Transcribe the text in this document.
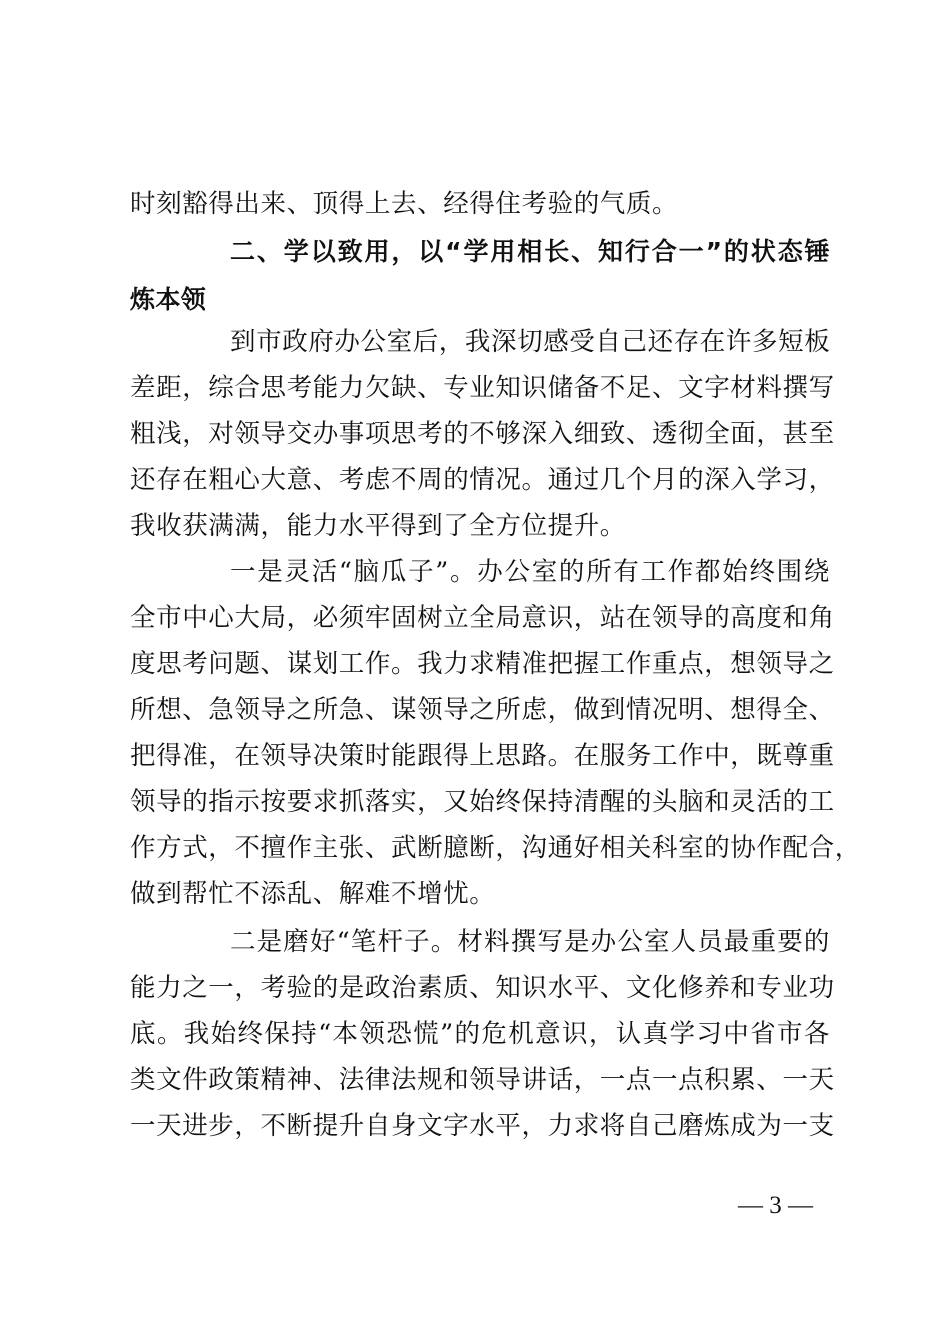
时刻豁得出来、顶得上去、经得住考验的气质。
二、学以致用，以“学用相长、知行合一”的状态锤
炼本领
到市政府办公室后，我深切感受自己还存在许多短板
差距，综合思考能力欠缺、专业知识储备不足、文字材料撰写
粗浅，对领导交办事项思考的不够深入细致、透彻全面，甚至
还存在粗心大意、考虑不周的情况。通过几个月的深入学习，
我收获满满，能力水平得到了全方位提升。
一是灵活“脑瓜子”。办公室的所有工作都始终围绕
全市中心大局，必须牢固树立全局意识，站在领导的高度和角
度思考问题、谋划工作。我力求精准把握工作重点，想领导之
所想、急领导之所急、谋领导之所虑，做到情况明、想得全、
把得准，在领导决策时能跟得上思路。在服务工作中，既尊重
领导的指示按要求抓落实，又始终保持清醒的头脑和灵活的工
作方式，不擅作主张、武断臆断，沟通好相关科室的协作配合，
做到帮忙不添乱、解难不增忧。
二是磨好“笔杆子。材料撰写是办公室人员最重要的
能力之一，考验的是政治素质、知识水平、文化修养和专业功
底。我始终保持“本领恐慌”的危机意识，认真学习中省市各
类文件政策精神、法律法规和领导讲话，一点一点积累、一天
一天进步，不断提升自身文字水平，力求将自己磨炼成为一支
— 3 —
